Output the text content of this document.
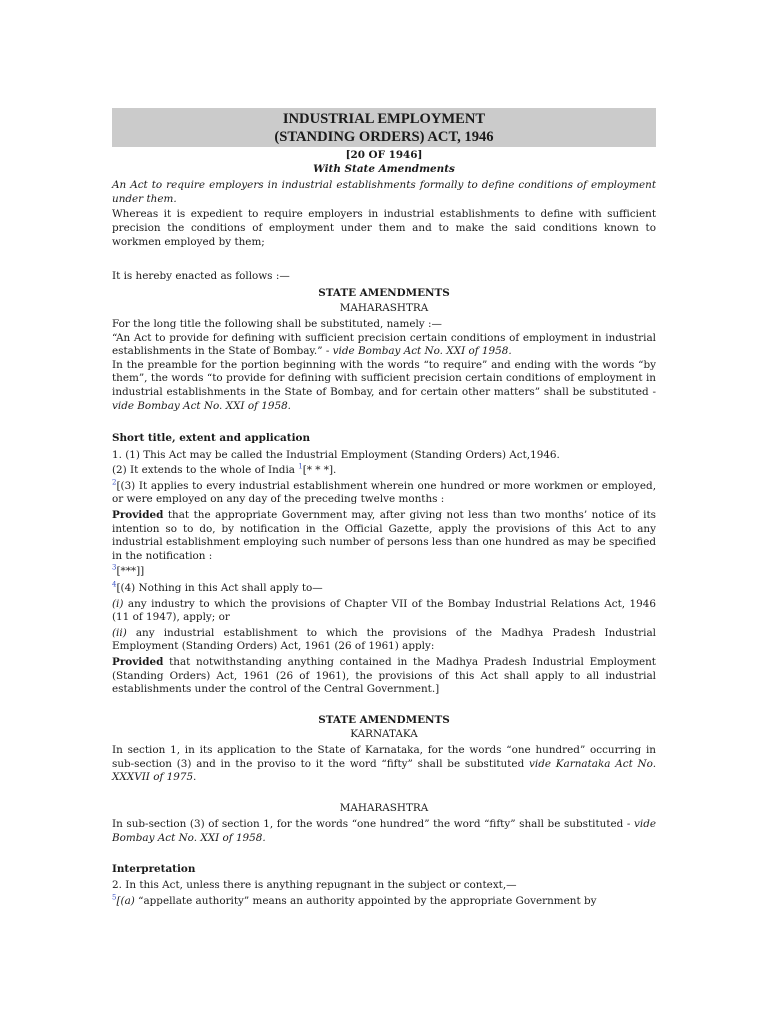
INDUSTRIAL EMPLOYMENT
(STANDING ORDERS) ACT, 1946
[20 OF 1946]
With State Amendments

An Act to require employers in industrial establishments formally to define conditions of employment under them.

Whereas it is expedient to require employers in industrial establishments to define with sufficient precision the conditions of employment under them and to make the said conditions known to workmen employed by them;

It is hereby enacted as follows :—

STATE AMENDMENTS
MAHARASHTRA

For the long title the following shall be substituted, namely :—

“An Act to provide for defining with sufficient precision certain conditions of employment in industrial establishments in the State of Bombay.” - vide Bombay Act No. XXI of 1958.

In the preamble for the portion beginning with the words “to require” and ending with the words “by them”, the words “to provide for defining with sufficient precision certain conditions of employment in industrial establishments in the State of Bombay, and for certain other matters” shall be substituted - vide Bombay Act No. XXI of 1958.

Short title, extent and application

1. (1) This Act may be called the Industrial Employment (Standing Orders) Act,1946.

(2) It extends to the whole of India $^1$[* * *].

$^2$[(3) It applies to every industrial establishment wherein one hundred or more workmen or employed, or were employed on any day of the preceding twelve months :

Provided that the appropriate Government may, after giving not less than two months’ notice of its intention so to do, by notification in the Official Gazette, apply the provisions of this Act to any industrial establishment employing such number of persons less than one hundred as may be specified in the notification :

$^3$[***]]

$^4$[(4) Nothing in this Act shall apply to—

(i) any industry to which the provisions of Chapter VII of the Bombay Industrial Relations Act, 1946 (11 of 1947), apply; or

(ii) any industrial establishment to which the provisions of the Madhya Pradesh Industrial Employment (Standing Orders) Act, 1961 (26 of 1961) apply:

Provided that notwithstanding anything contained in the Madhya Pradesh Industrial Employment (Standing Orders) Act, 1961 (26 of 1961), the provisions of this Act shall apply to all industrial establishments under the control of the Central Government.]

STATE AMENDMENTS
KARNATAKA

In section 1, in its application to the State of Karnataka, for the words “one hundred” occurring in sub-section (3) and in the proviso to it the word “fifty” shall be substituted vide Karnataka Act No. XXXVII of 1975.

MAHARASHTRA

In sub-section (3) of section 1, for the words “one hundred” the word “fifty” shall be substituted - vide Bombay Act No. XXI of 1958.

Interpretation

2. In this Act, unless there is anything repugnant in the subject or context,—

$^5$[(a) “appellate authority” means an authority appointed by the appropriate Government by
